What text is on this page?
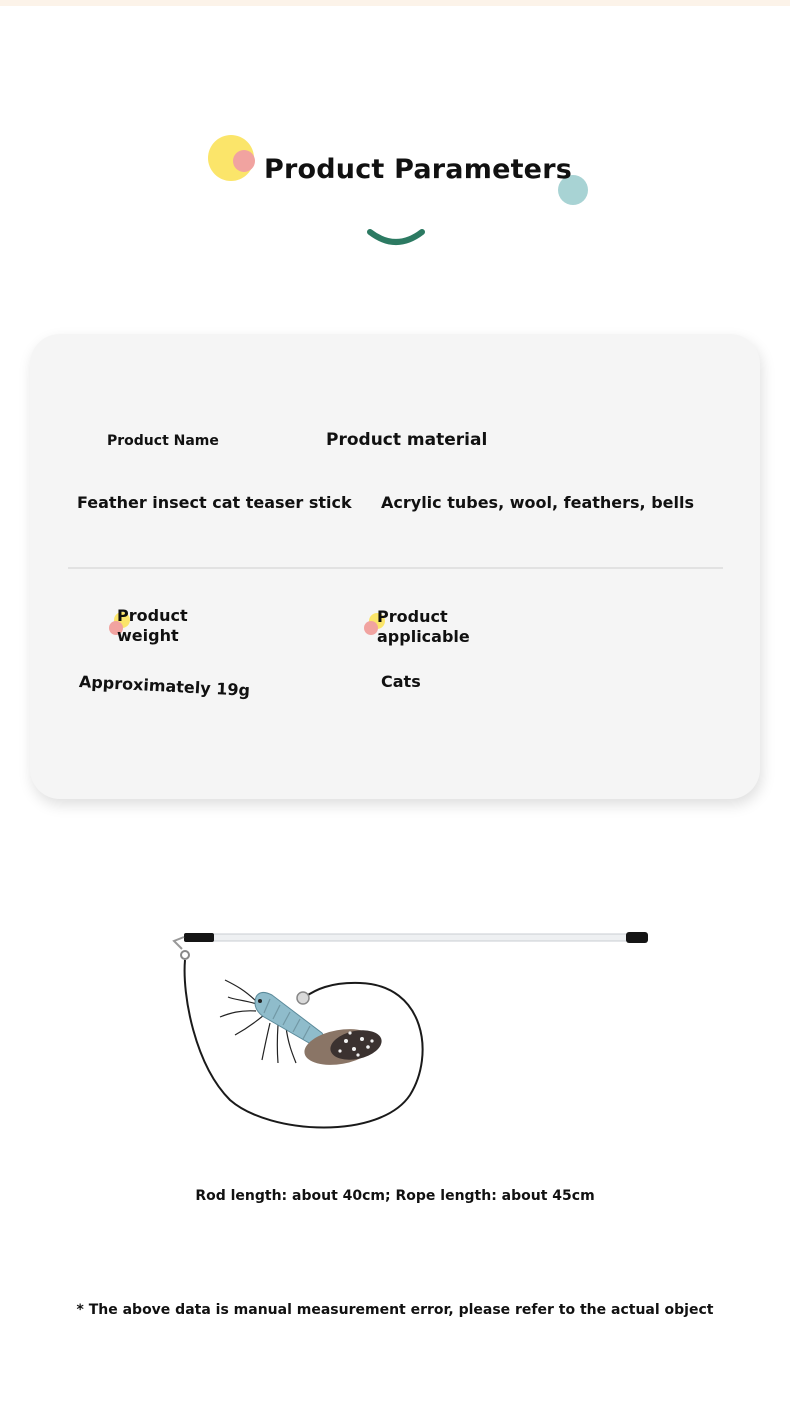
Product Parameters
Product Name	Product material
Feather insect cat teaser stick Acrylic tubes, wool, feathers, bells
Product
weight
Approximately 19g
Product
applicable
Cats
Rod length: about 40cm; Rope length: about 45cm
* The above data is manual measurement error, please refer to the actual object
